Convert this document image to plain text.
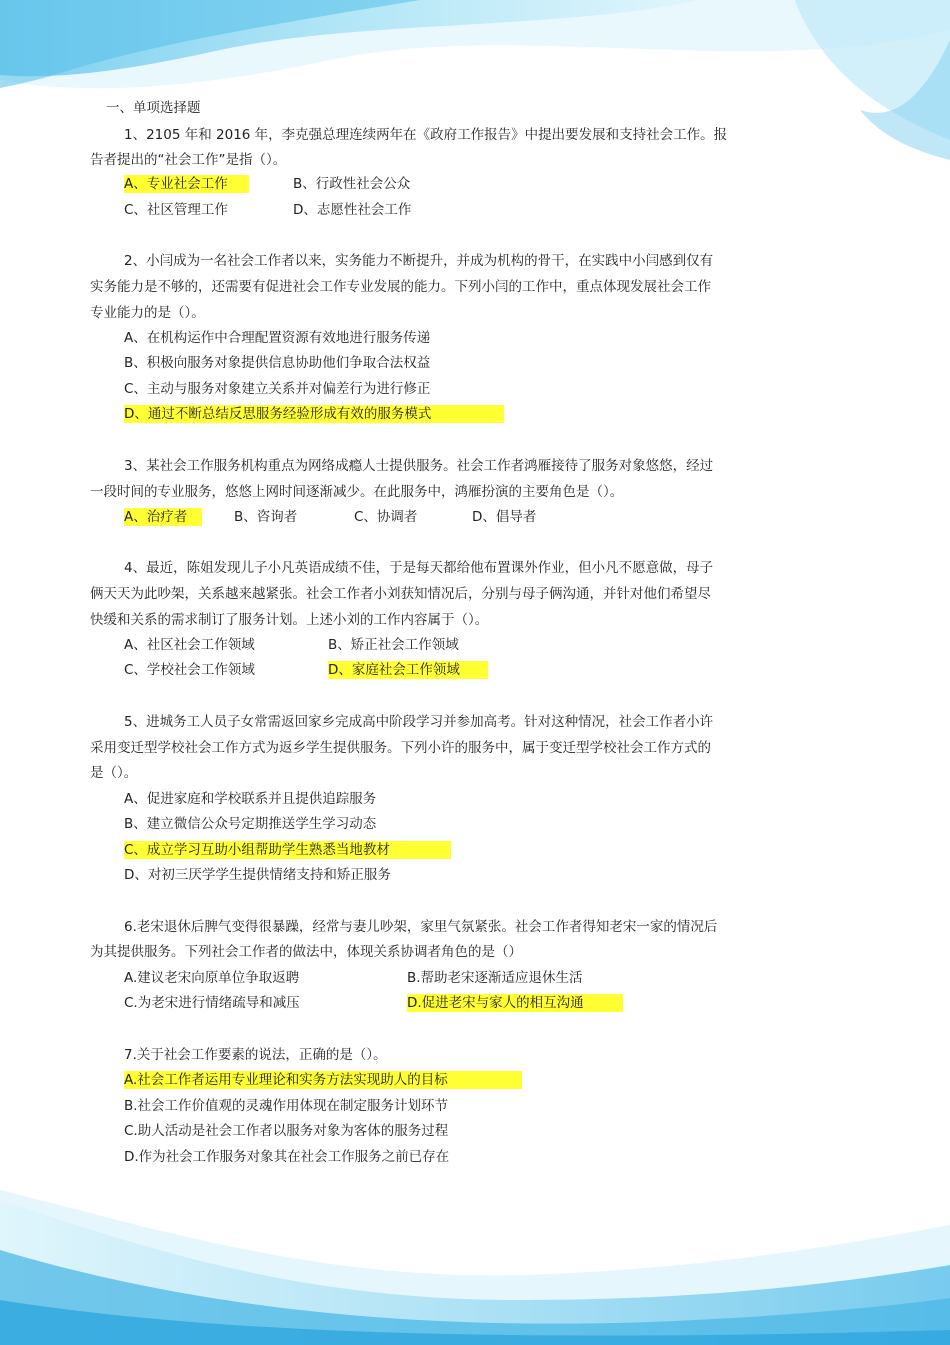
一、单项选择题
1、2105 年和 2016 年，李克强总理连续两年在《政府工作报告》中提出要发展和支持社会工作。报
告者提出的“社会工作”是指（）。
A、专业社会工作	B、行政性社会公众
C、社区管理工作	D、志愿性社会工作
2、小闫成为一名社会工作者以来，实务能力不断提升，并成为机构的骨干，在实践中小闫感到仅有
实务能力是不够的，还需要有促进社会工作专业发展的能力。下列小闫的工作中，重点体现发展社会工作
专业能力的是（）。
A、在机构运作中合理配置资源有效地进行服务传递
B、积极向服务对象提供信息协助他们争取合法权益
C、主动与服务对象建立关系并对偏差行为进行修正
D、通过不断总结反思服务经验形成有效的服务模式
3、某社会工作服务机构重点为网络成瘾人士提供服务。社会工作者鸿雁接待了服务对象悠悠，经过
一段时间的专业服务，悠悠上网时间逐渐减少。在此服务中，鸿雁扮演的主要角色是（）。
A、治疗者	B、咨询者	C、协调者	D、倡导者
4、最近，陈姐发现儿子小凡英语成绩不佳，于是每天都给他布置课外作业，但小凡不愿意做，母子
俩天天为此吵架，关系越来越紧张。社会工作者小刘获知情况后，分别与母子俩沟通，并针对他们希望尽
快缓和关系的需求制订了服务计划。上述小刘的工作内容属于（）。
A、社区社会工作领域	B、矫正社会工作领域
C、学校社会工作领域	D、家庭社会工作领域
5、进城务工人员子女常需返回家乡完成高中阶段学习并参加高考。针对这种情况，社会工作者小许
采用变迁型学校社会工作方式为返乡学生提供服务。下列小许的服务中，属于变迁型学校社会工作方式的
是（）。
A、促进家庭和学校联系并且提供追踪服务
B、建立微信公众号定期推送学生学习动态
C、成立学习互助小组帮助学生熟悉当地教材
D、对初三厌学学生提供情绪支持和矫正服务
6.老宋退休后脾气变得很暴躁，经常与妻儿吵架，家里气氛紧张。社会工作者得知老宋一家的情况后
为其提供服务。下列社会工作者的做法中，体现关系协调者角色的是（）
A.建议老宋向原单位争取返聘	B.帮助老宋逐渐适应退休生活
C.为老宋进行情绪疏导和减压	D.促进老宋与家人的相互沟通
7.关于社会工作要素的说法，正确的是（）。
A.社会工作者运用专业理论和实务方法实现助人的目标
B.社会工作价值观的灵魂作用体现在制定服务计划环节
C.助人活动是社会工作者以服务对象为客体的服务过程
D.作为社会工作服务对象其在社会工作服务之前已存在
